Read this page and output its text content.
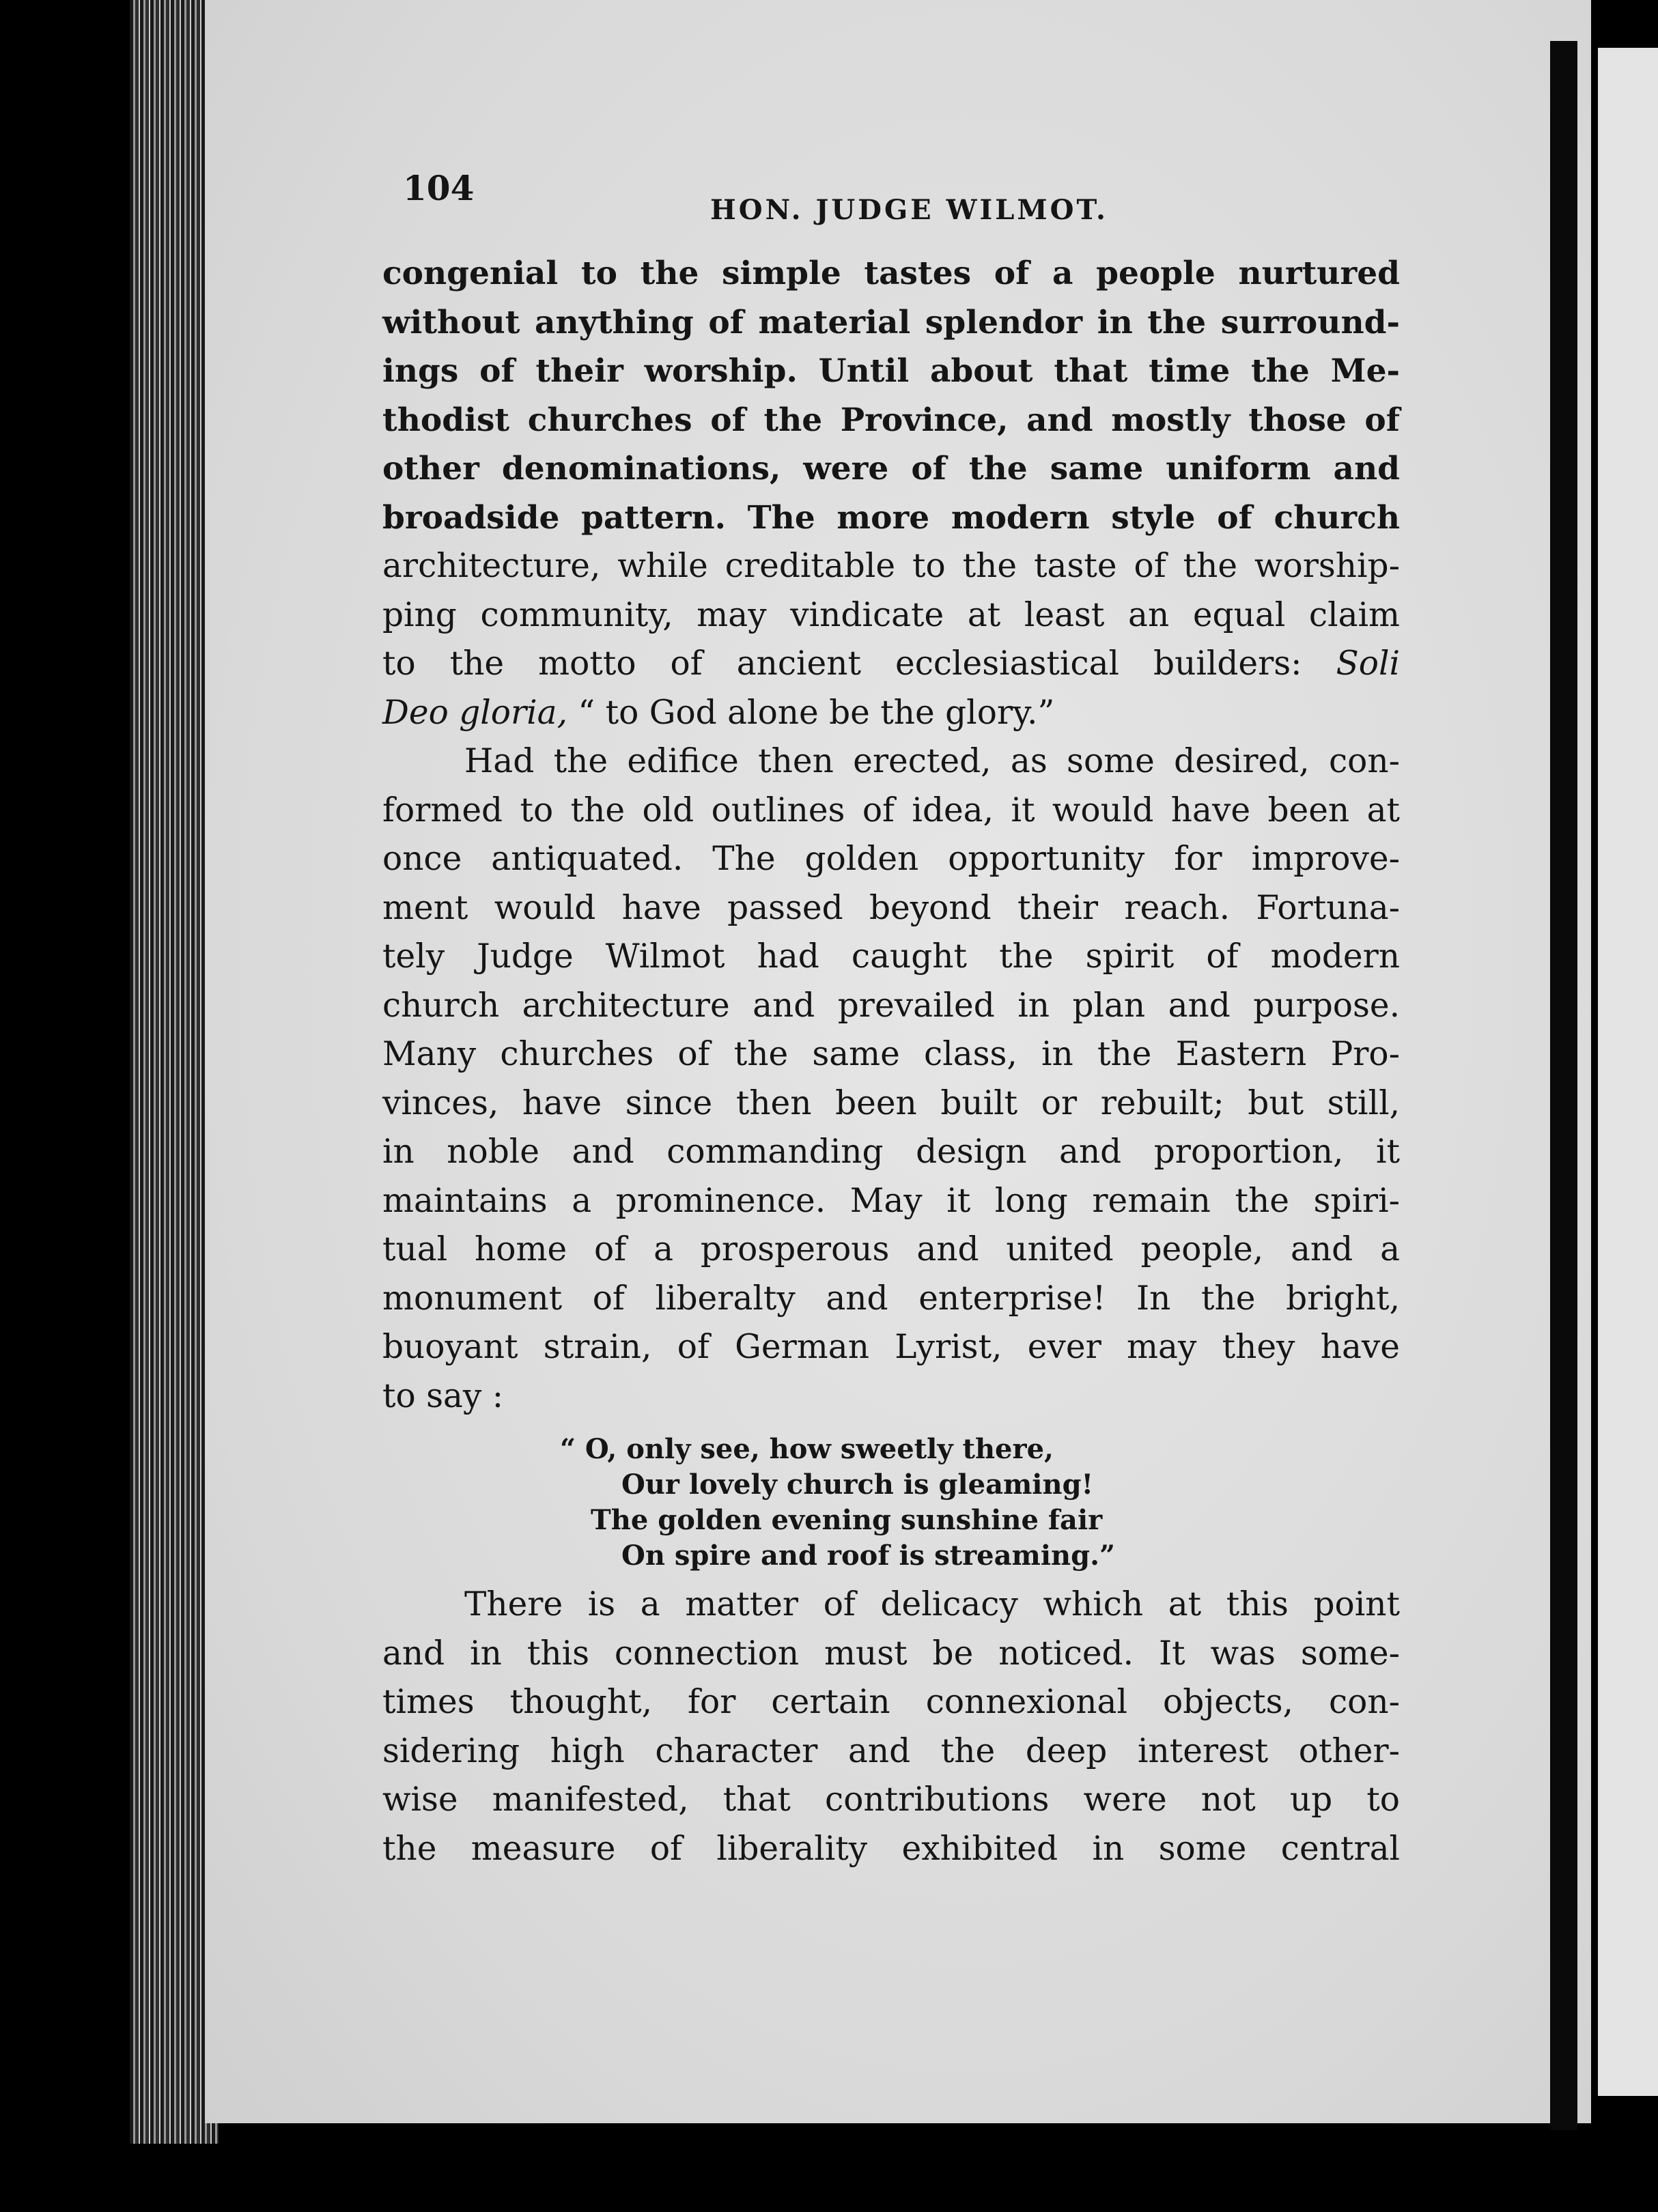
104
HON. JUDGE WILMOT.
congenial to the simple tastes of a people nurtured
without anything of material splendor in the surround-
ings of their worship. Until about that time the Me-
thodist churches of the Province, and mostly those of
other denominations, were of the same uniform and
broadside pattern. The more modern style of church
architecture, while creditable to the taste of the worship-
ping community, may vindicate at least an equal claim
to the motto of ancient ecclesiastical builders: Soli
Deo gloria, “ to God alone be the glory.”
Had the edifice then erected, as some desired, con-
formed to the old outlines of idea, it would have been at
once antiquated. The golden opportunity for improve-
ment would have passed beyond their reach. Fortuna-
tely Judge Wilmot had caught the spirit of modern
church architecture and prevailed in plan and purpose.
Many churches of the same class, in the Eastern Pro-
vinces, have since then been built or rebuilt; but still,
in noble and commanding design and proportion, it
maintains a prominence. May it long remain the spiri-
tual home of a prosperous and united people, and a
monument of liberalty and enterprise! In the bright,
buoyant strain, of German Lyrist, ever may they have
to say :
“ O, only see, how sweetly there,
Our lovely church is gleaming!
The golden evening sunshine fair
On spire and roof is streaming.”
There is a matter of delicacy which at this point
and in this connection must be noticed. It was some-
times thought, for certain connexional objects, con-
sidering high character and the deep interest other-
wise manifested, that contributions were not up to
the measure of liberality exhibited in some central
